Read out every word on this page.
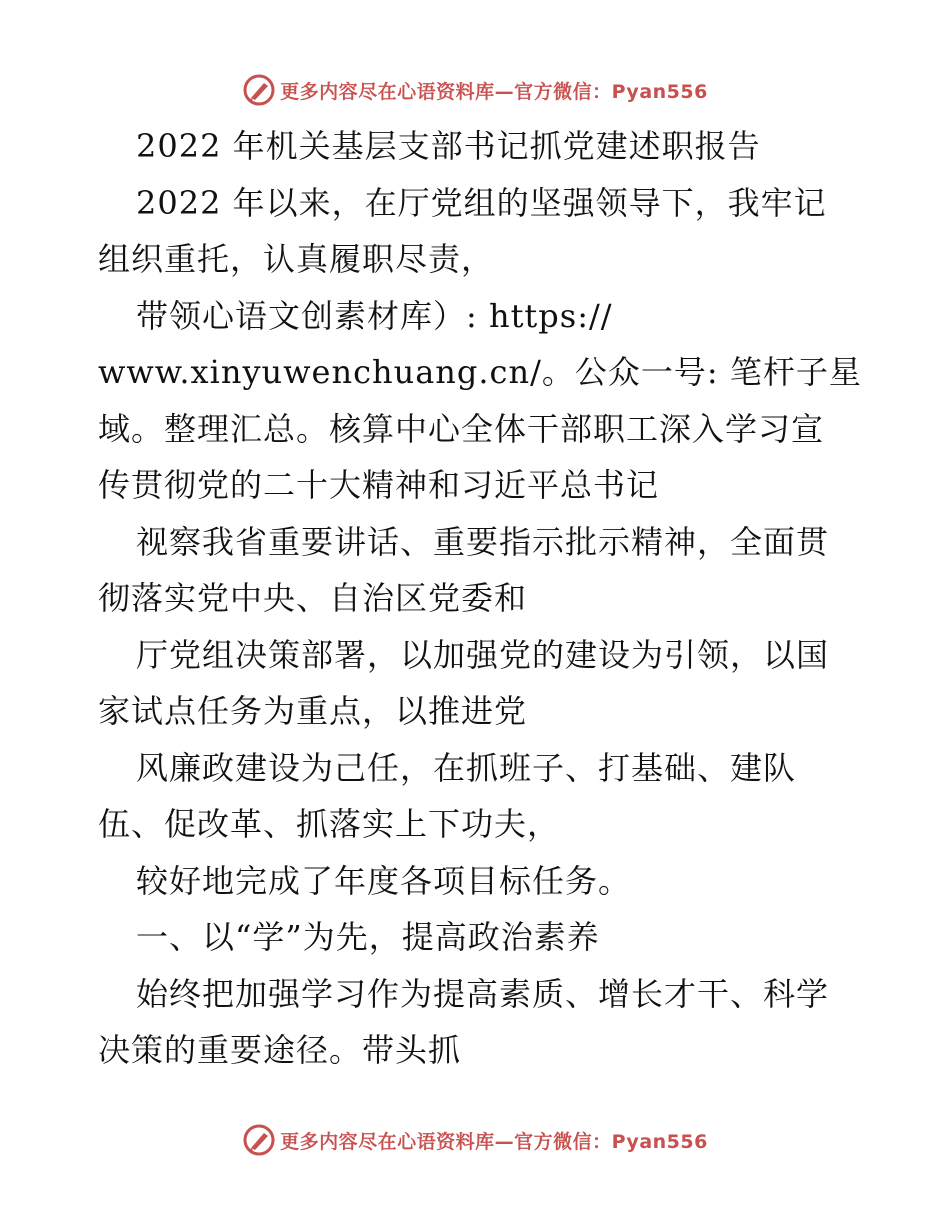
更多内容尽在心语资料库—官方微信：Pyan556
2022 年机关基层支部书记抓党建述职报告
2022 年以来，在厅党组的坚强领导下，我牢记
组织重托，认真履职尽责，
带领心语文创素材库）: https://
www.xinyuwenchuang.cn/。公众一号: 笔杆子星
域。整理汇总。核算中心全体干部职工深入学习宣
传贯彻党的二十大精神和习近平总书记
视察我省重要讲话、重要指示批示精神，全面贯
彻落实党中央、自治区党委和
厅党组决策部署，以加强党的建设为引领，以国
家试点任务为重点，以推进党
风廉政建设为己任，在抓班子、打基础、建队
伍、促改革、抓落实上下功夫，
较好地完成了年度各项目标任务。
一、以“学”为先，提高政治素养
始终把加强学习作为提高素质、增长才干、科学
决策的重要途径。带头抓
更多内容尽在心语资料库—官方微信：Pyan556
